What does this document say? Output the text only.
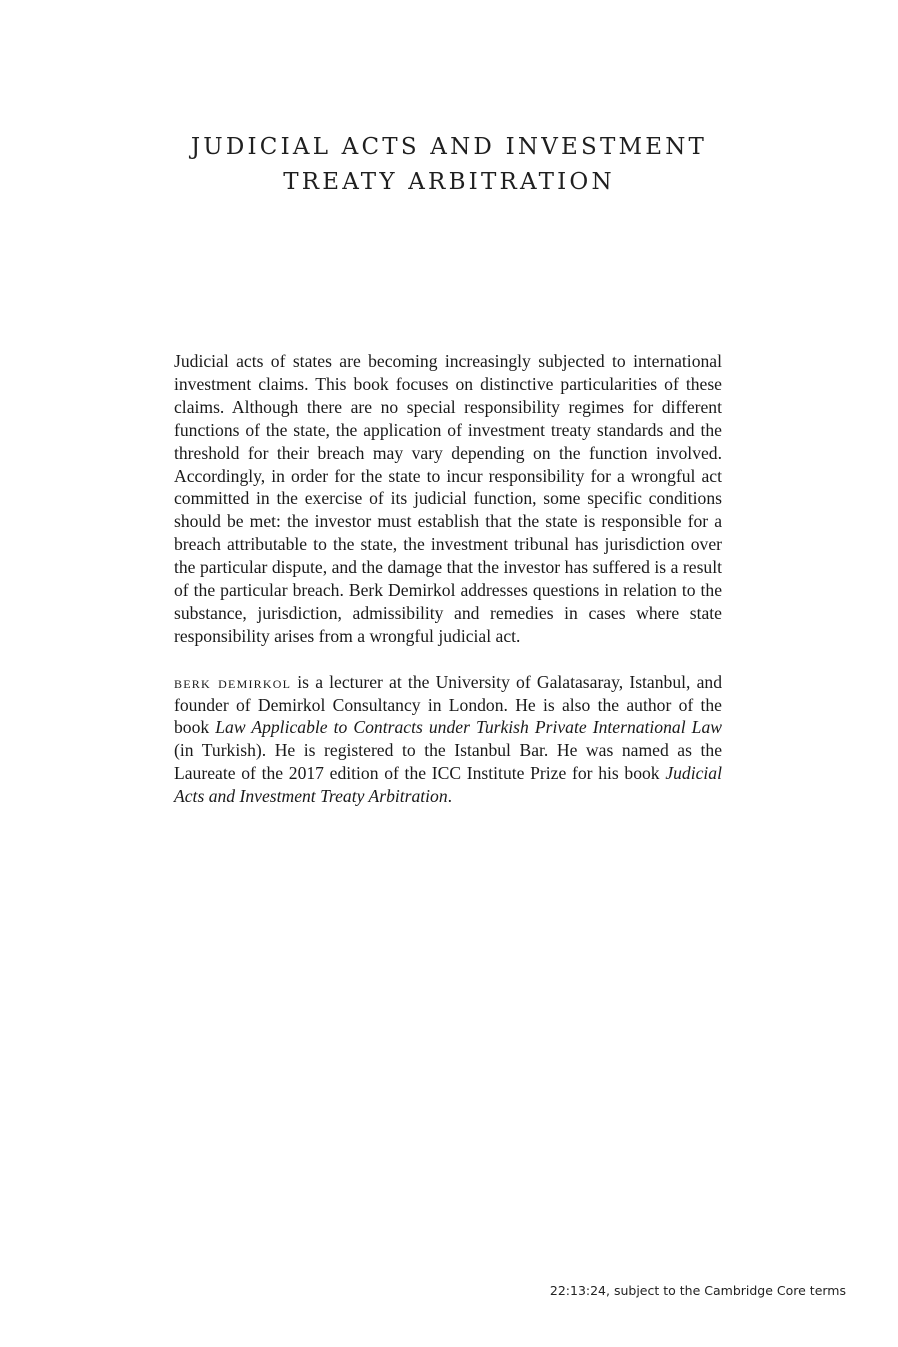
JUDICIAL ACTS AND INVESTMENT
TREATY ARBITRATION

Judicial acts of states are becoming increasingly subjected to international investment claims. This book focuses on distinctive particularities of these claims. Although there are no special responsibility regimes for different functions of the state, the application of investment treaty standards and the threshold for their breach may vary depending on the function involved. Accordingly, in order for the state to incur responsibility for a wrongful act committed in the exercise of its judicial function, some specific conditions should be met: the investor must establish that the state is responsible for a breach attributable to the state, the investment tribunal has jurisdiction over the particular dispute, and the damage that the investor has suffered is a result of the particular breach. Berk Demirkol addresses questions in relation to the substance, jurisdiction, admissibility and remedies in cases where state responsibility arises from a wrongful judicial act.

berk demirkol is a lecturer at the University of Galatasaray, Istanbul, and founder of Demirkol Consultancy in London. He is also the author of the book Law Applicable to Contracts under Turkish Private International Law (in Turkish). He is registered to the Istanbul Bar. He was named as the Laureate of the 2017 edition of the ICC Institute Prize for his book Judicial Acts and Investment Treaty Arbitration.

22:13:24, subject to the Cambridge Core terms
